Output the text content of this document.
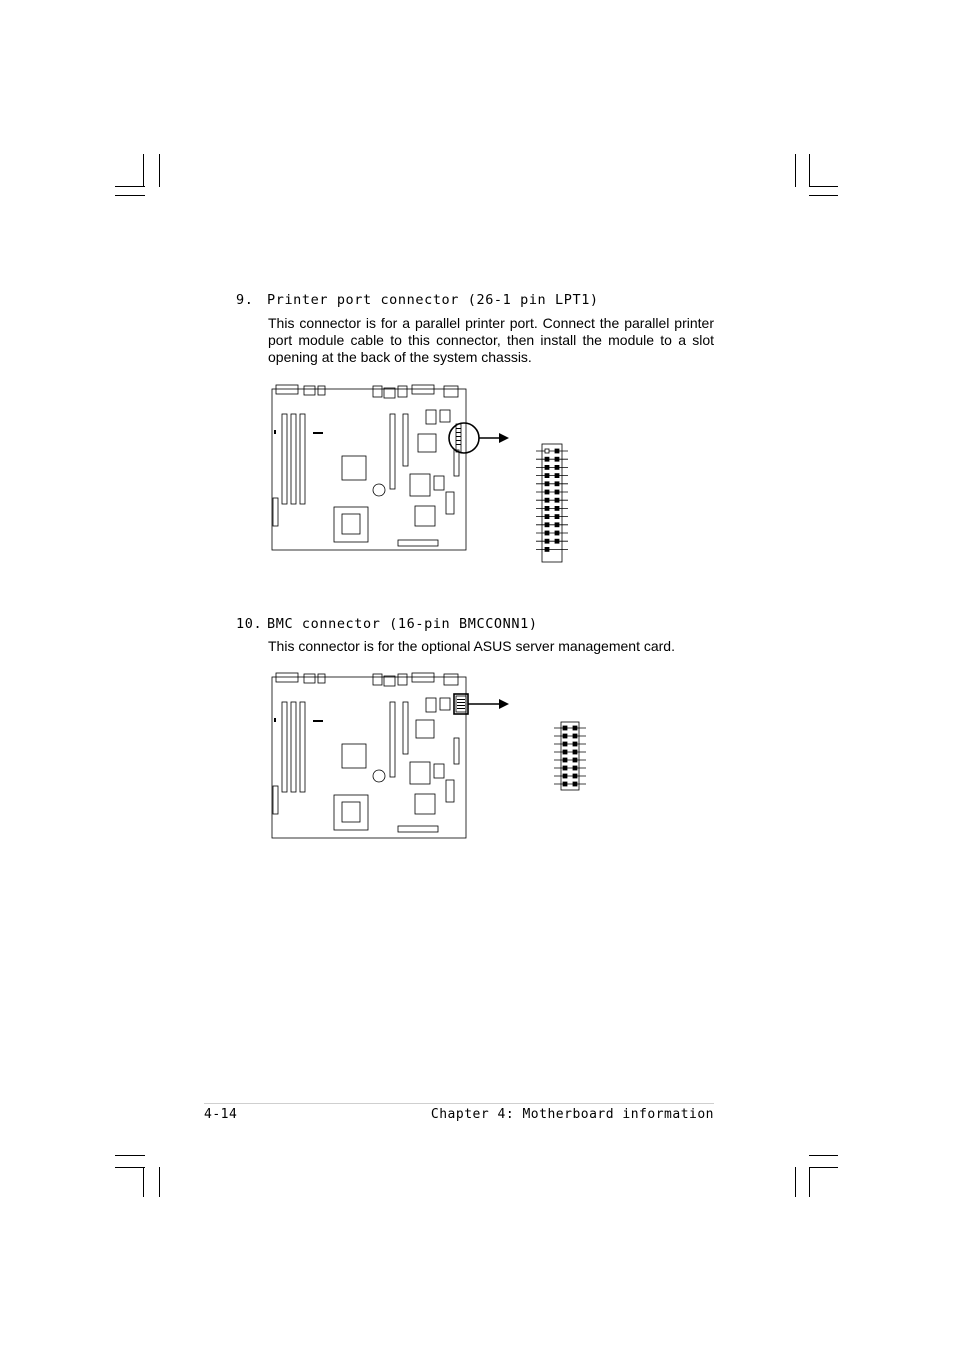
9. Printer port connector (26-1 pin LPT1)
This connector is for a parallel printer port. Connect the parallel printer port module cable to this connector, then install the module to a slot opening at the back of the system chassis.
10. BMC connector (16-pin BMCCONN1)
This connector is for the optional ASUS server management card.
4-14	Chapter 4: Motherboard information
